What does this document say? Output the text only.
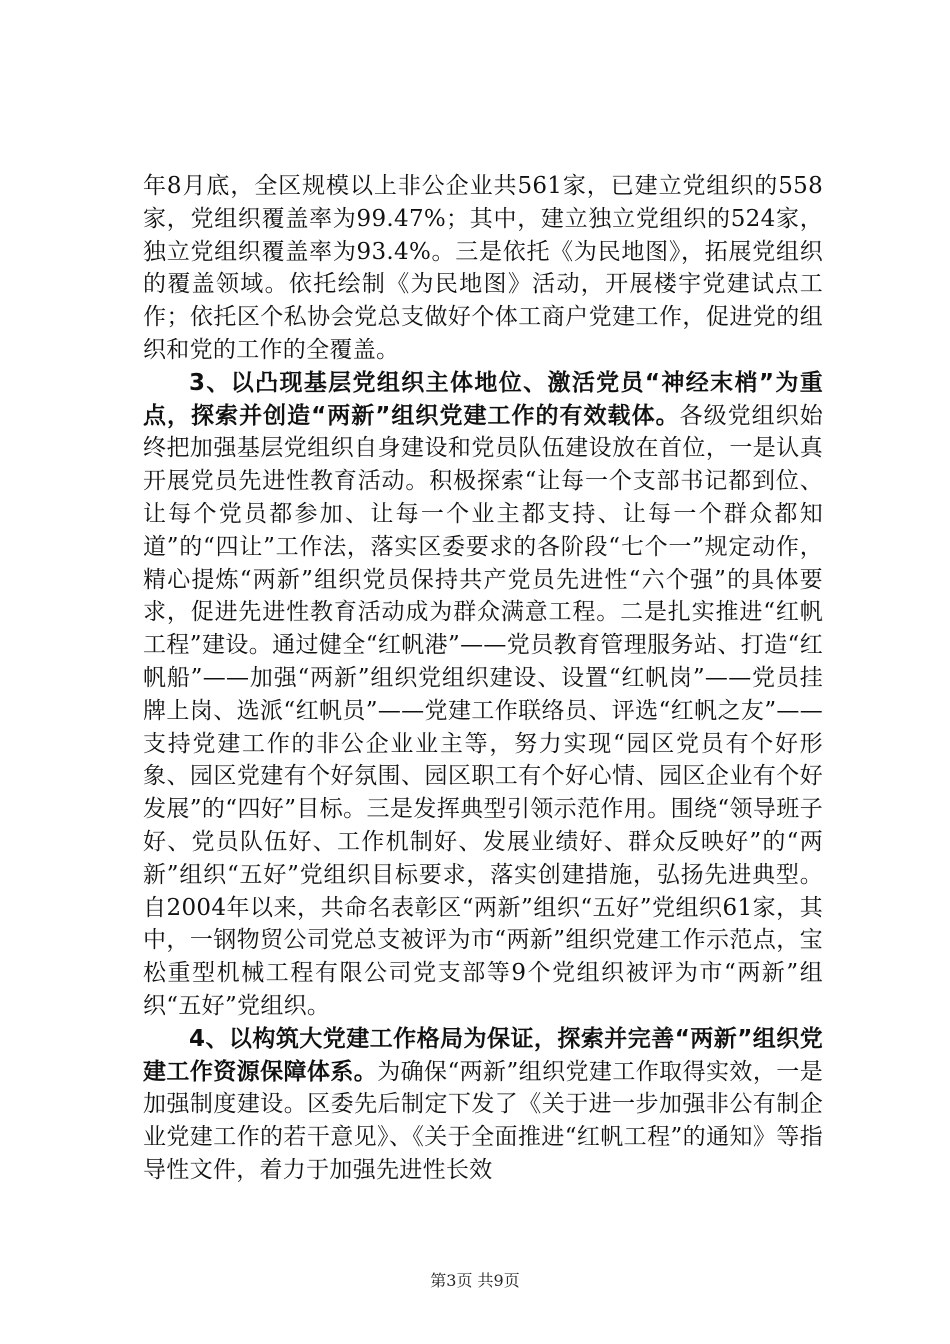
年8月底，全区规模以上非公企业共561家，已建立党组织的558家，党组织覆盖率为99.47%；其中，建立独立党组织的524家，独立党组织覆盖率为93.4%。三是依托《为民地图》，拓展党组织的覆盖领域。依托绘制《为民地图》活动，开展楼宇党建试点工作；依托区个私协会党总支做好个体工商户党建工作，促进党的组织和党的工作的全覆盖。

3、以凸现基层党组织主体地位、激活党员“神经末梢”为重点，探索并创造“两新”组织党建工作的有效载体。各级党组织始终把加强基层党组织自身建设和党员队伍建设放在首位，一是认真开展党员先进性教育活动。积极探索“让每一个支部书记都到位、让每个党员都参加、让每一个业主都支持、让每一个群众都知道”的“四让”工作法，落实区委要求的各阶段“七个一”规定动作，精心提炼“两新”组织党员保持共产党员先进性“六个强”的具体要求，促进先进性教育活动成为群众满意工程。二是扎实推进“红帆工程”建设。通过健全“红帆港”——党员教育管理服务站、打造“红帆船”——加强“两新”组织党组织建设、设置“红帆岗”——党员挂牌上岗、选派“红帆员”——党建工作联络员、评选“红帆之友”——支持党建工作的非公企业业主等，努力实现“园区党员有个好形象、园区党建有个好氛围、园区职工有个好心情、园区企业有个好发展”的“四好”目标。三是发挥典型引领示范作用。围绕“领导班子好、党员队伍好、工作机制好、发展业绩好、群众反映好”的“两新”组织“五好”党组织目标要求，落实创建措施，弘扬先进典型。自2004年以来，共命名表彰区“两新”组织“五好”党组织61家，其中，一钢物贸公司党总支被评为市“两新”组织党建工作示范点，宝松重型机械工程有限公司党支部等9个党组织被评为市“两新”组织“五好”党组织。

4、以构筑大党建工作格局为保证，探索并完善“两新”组织党建工作资源保障体系。为确保“两新”组织党建工作取得实效，一是加强制度建设。区委先后制定下发了《关于进一步加强非公有制企业党建工作的若干意见》、《关于全面推进“红帆工程”的通知》等指导性文件，着力于加强先进性长效

第3页 共9页
